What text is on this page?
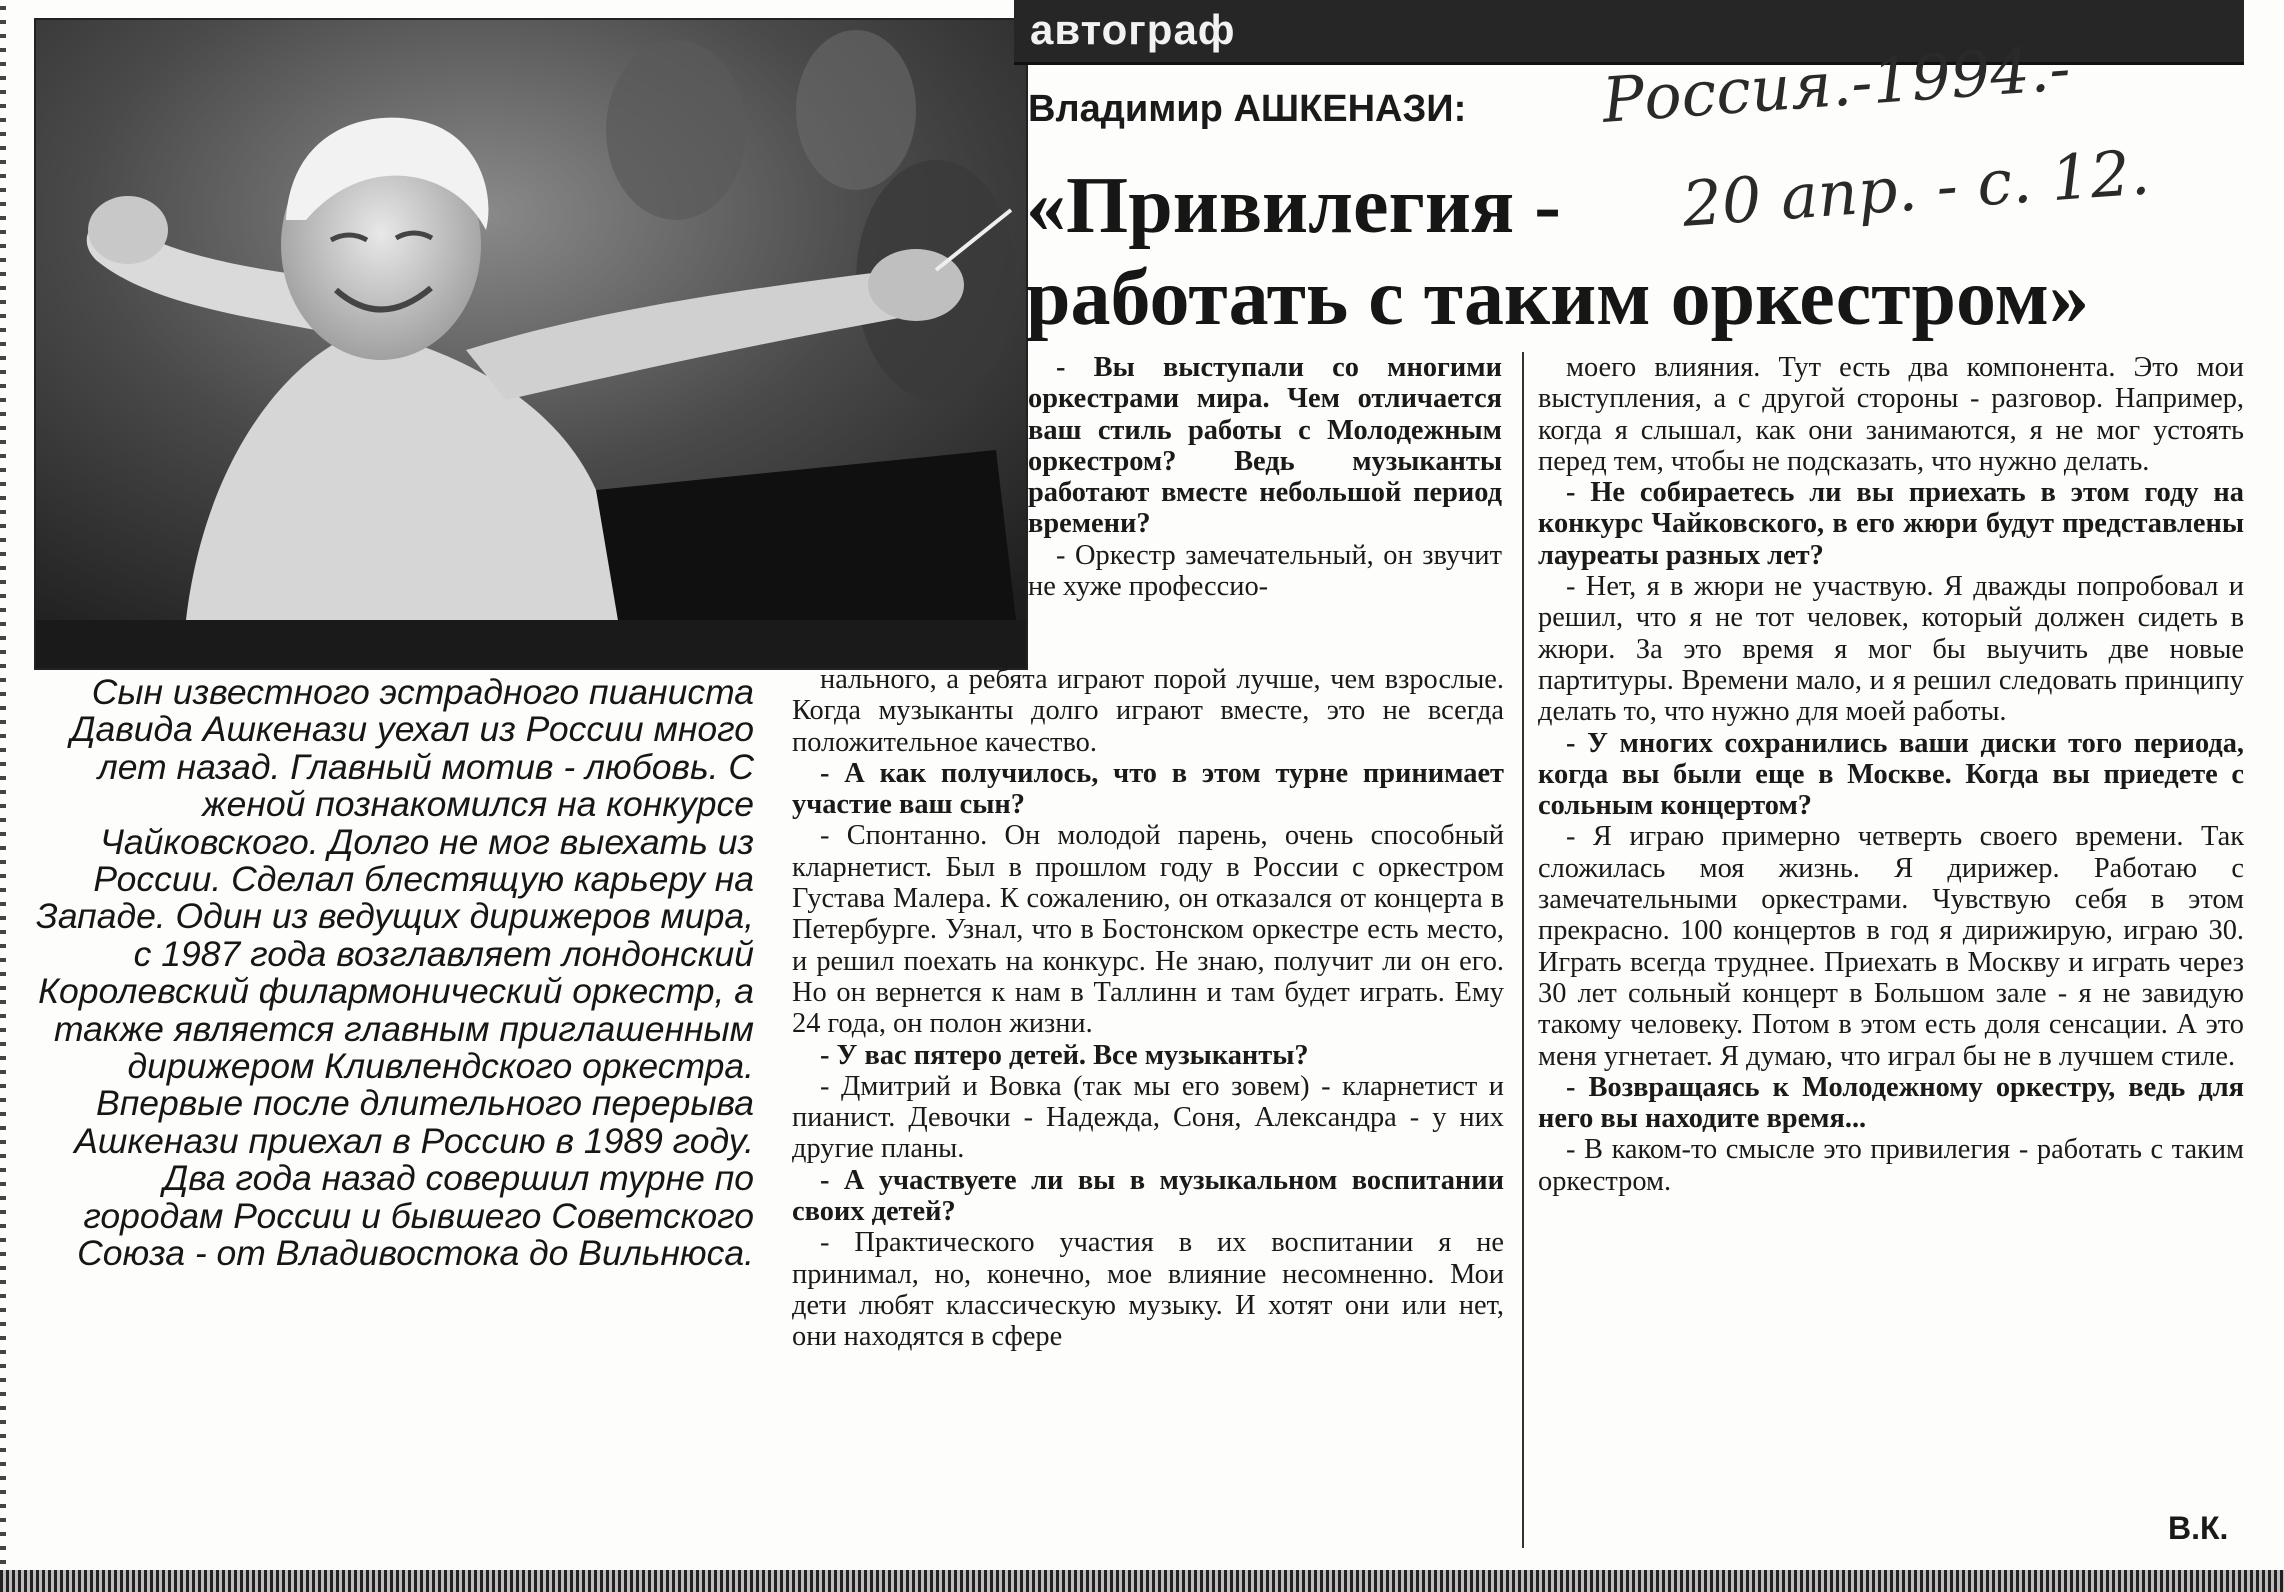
автограф
Владимир АШКЕНАЗИ:
«Привилегия -
работать с таким оркестром»
Россия.-1994.-
20 апр. - с. 12.
Сын известного эстрадного пианиста Давида Ашкенази уехал из России много лет назад. Главный мотив - любовь. С женой познакомился на конкурсе Чайковского. Долго не мог выехать из России. Сделал блестящую карьеру на Западе. Один из ведущих дирижеров мира, с 1987 года возглавляет лондонский Королевский филармонический оркестр, а также является главным приглашенным дирижером Кливлендского оркестра. Впервые после длительного перерыва Ашкенази приехал в Россию в 1989 году. Два года назад совершил турне по городам России и бывшего Советского Союза - от Владивостока до Вильнюса.

- Вы выступали со многими оркестрами мира. Чем отличается ваш стиль работы с Молодежным оркестром? Ведь музыканты работают вместе небольшой период времени?

- Оркестр замечательный, он звучит не хуже профессио-

нального, а ребята играют порой лучше, чем взрослые. Когда музыканты долго играют вместе, это не всегда положительное качество.

- А как получилось, что в этом турне принимает участие ваш сын?

- Спонтанно. Он молодой парень, очень способный кларнетист. Был в прошлом году в России с оркестром Густава Малера. К сожалению, он отказался от концерта в Петербурге. Узнал, что в Бостонском оркестре есть место, и решил поехать на конкурс. Не знаю, получит ли он его. Но он вернется к нам в Таллинн и там будет играть. Ему 24 года, он полон жизни.

- У вас пятеро детей. Все музыканты?

- Дмитрий и Вовка (так мы его зовем) - кларнетист и пианист. Девочки - Надежда, Соня, Александра - у них другие планы.

- А участвуете ли вы в музыкальном воспитании своих детей?

- Практического участия в их воспитании я не принимал, но, конечно, мое влияние несомненно. Мои дети любят классическую музыку. И хотят они или нет, они находятся в сфере

моего влияния. Тут есть два компонента. Это мои выступления, а с другой стороны - разговор. Например, когда я слышал, как они занимаются, я не мог устоять перед тем, чтобы не подсказать, что нужно делать.

- Не собираетесь ли вы приехать в этом году на конкурс Чайковского, в его жюри будут представлены лауреаты разных лет?

- Нет, я в жюри не участвую. Я дважды попробовал и решил, что я не тот человек, который должен сидеть в жюри. За это время я мог бы выучить две новые партитуры. Времени мало, и я решил следовать принципу делать то, что нужно для моей работы.

- У многих сохранились ваши диски того периода, когда вы были еще в Москве. Когда вы приедете с сольным концертом?

- Я играю примерно четверть своего времени. Так сложилась моя жизнь. Я дирижер. Работаю с замечательными оркестрами. Чувствую себя в этом прекрасно. 100 концертов в год я дирижирую, играю 30. Играть всегда труднее. Приехать в Москву и играть через 30 лет сольный концерт в Большом зале - я не завидую такому человеку. Потом в этом есть доля сенсации. А это меня угнетает. Я думаю, что играл бы не в лучшем стиле.

- Возвращаясь к Молодежному оркестру, ведь для него вы находите время...

- В каком-то смысле это привилегия - работать с таким оркестром.

В.К.
